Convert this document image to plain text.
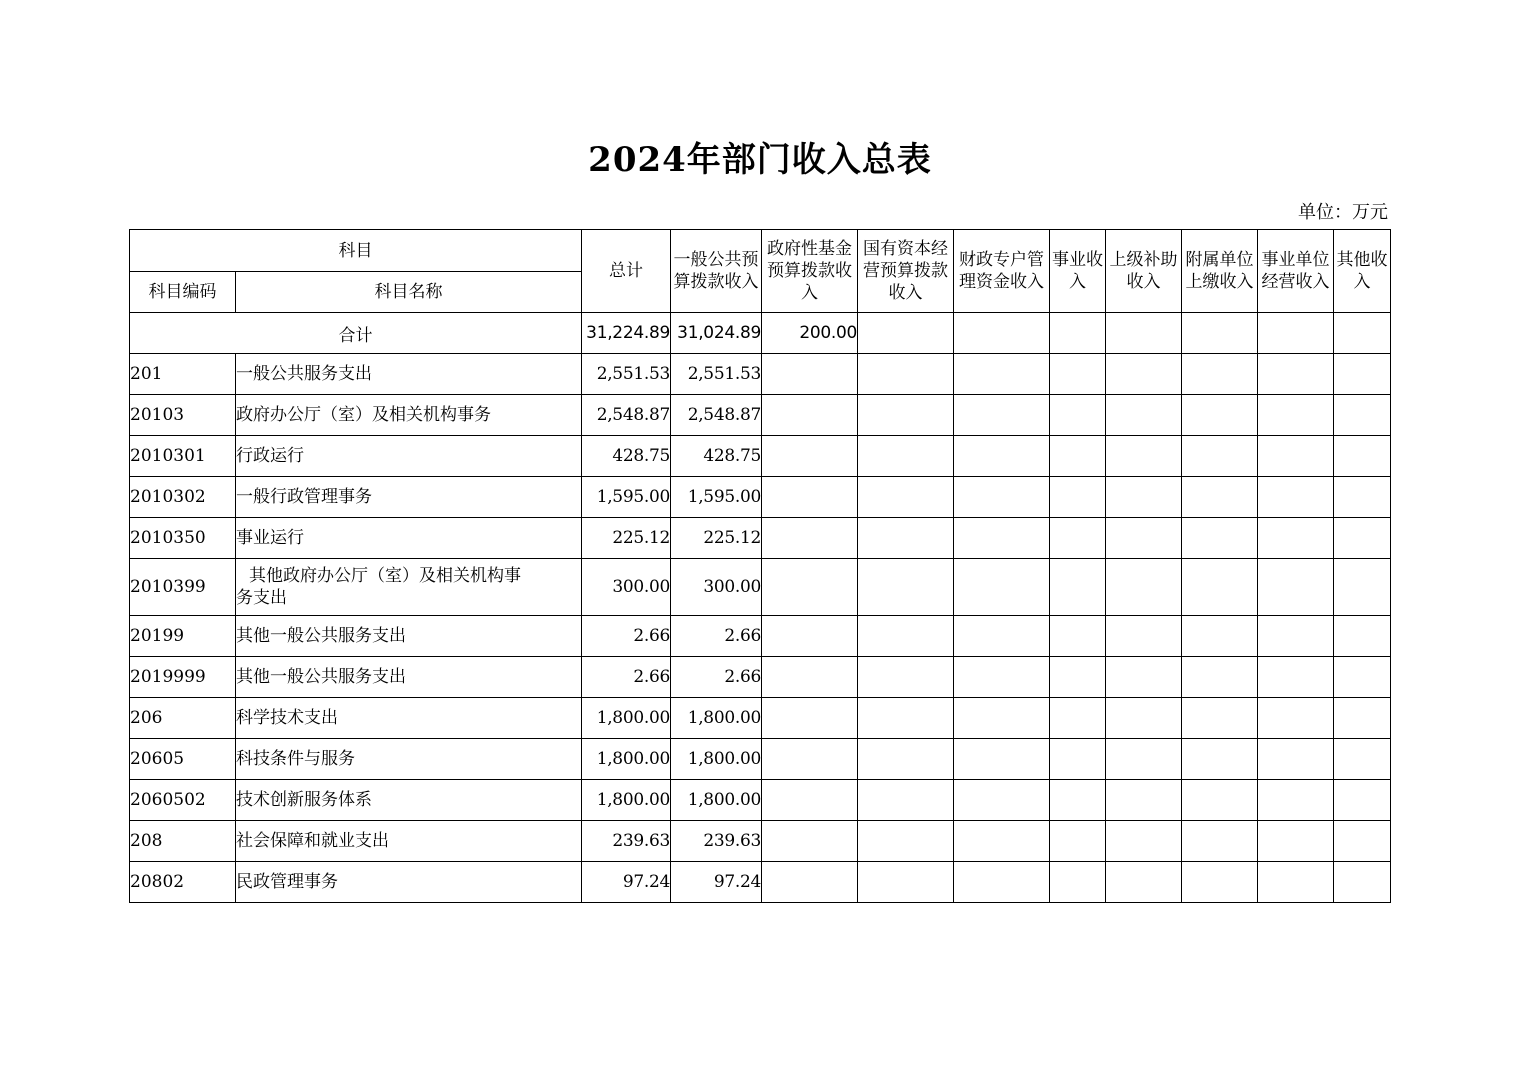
2024年部门收入总表
单位：万元
科目		总计	一般公共预算拨款收入	政府性基金预算拨款收入	国有资本经营预算拨款收入	财政专户管理资金收入	事业收入	上级补助收入	附属单位上缴收入	事业单位经营收入	其他收入
科目编码	科目名称										
合计		31,224.89	31,024.89	200.00							
201	一般公共服务支出	2,551.53	2,551.53								
20103	政府办公厅（室）及相关机构事务	2,548.87	2,548.87								
2010301	行政运行	428.75	428.75								
2010302	一般行政管理事务	1,595.00	1,595.00								
2010350	事业运行	225.12	225.12								
2010399	其他政府办公厅（室）及相关机构事
务支出	300.00	300.00								
20199	其他一般公共服务支出	2.66	2.66								
2019999	其他一般公共服务支出	2.66	2.66								
206	科学技术支出	1,800.00	1,800.00								
20605	科技条件与服务	1,800.00	1,800.00								
2060502	技术创新服务体系	1,800.00	1,800.00								
208	社会保障和就业支出	239.63	239.63								
20802	民政管理事务	97.24	97.24								
